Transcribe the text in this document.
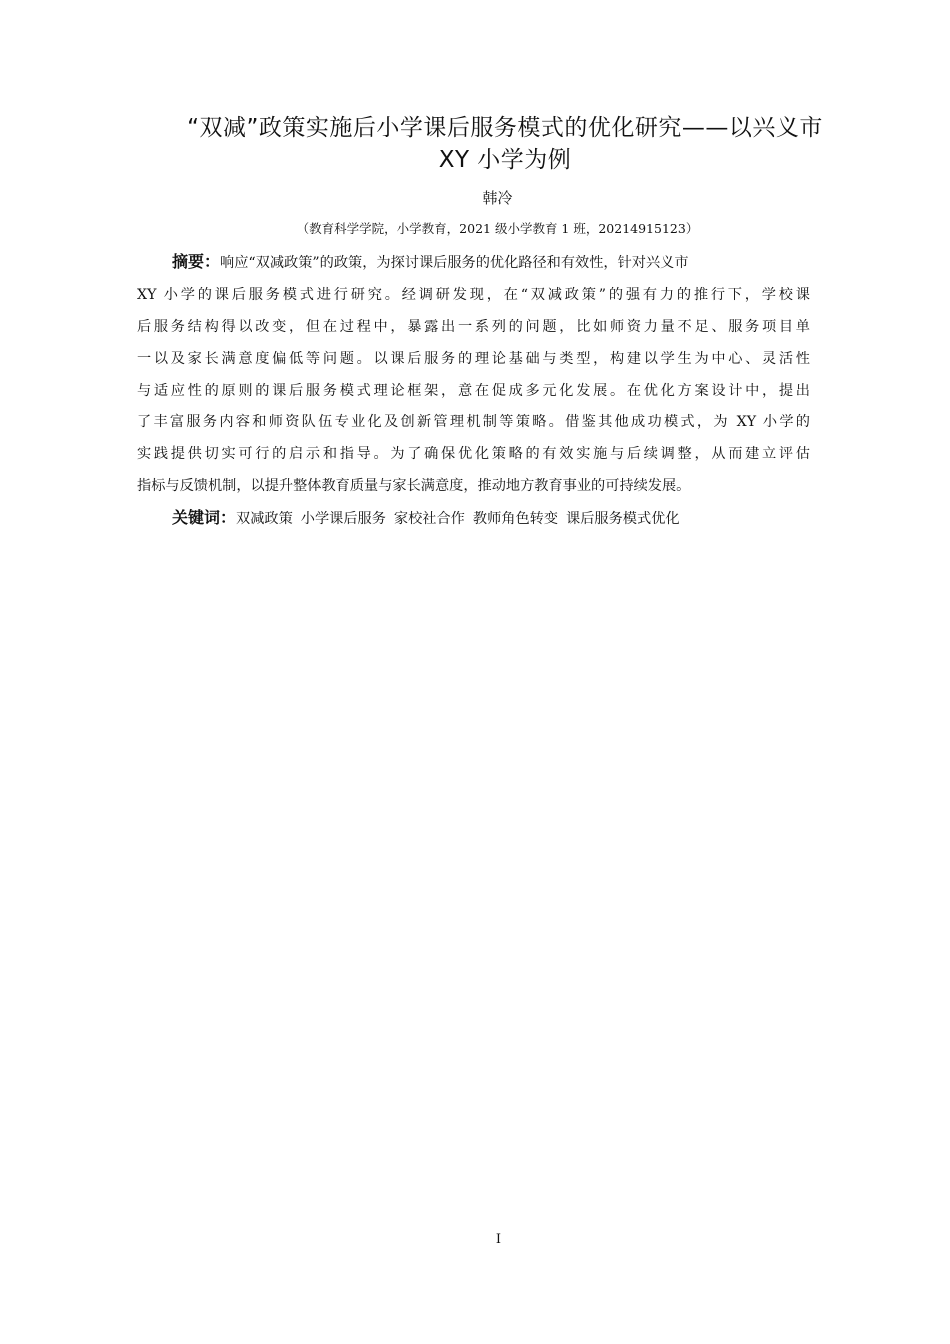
“双减”政策实施后小学课后服务模式的优化研究——以兴义市
XY 小学为例
韩冷
（教育科学学院，小学教育，2021 级小学教育 1 班，20214915123）
摘要：响应“双减政策”的政策，为探讨课后服务的优化路径和有效性，针对兴义市
XY 小学的课后服务模式进行研究。经调研发现，在“双减政策”的强有力的推行下，学校课
后服务结构得以改变，但在过程中，暴露出一系列的问题，比如师资力量不足、服务项目单
一以及家长满意度偏低等问题。以课后服务的理论基础与类型，构建以学生为中心、灵活性
与适应性的原则的课后服务模式理论框架，意在促成多元化发展。在优化方案设计中，提出
了丰富服务内容和师资队伍专业化及创新管理机制等策略。借鉴其他成功模式，为 XY 小学的
实践提供切实可行的启示和指导。为了确保优化策略的有效实施与后续调整，从而建立评估
指标与反馈机制，以提升整体教育质量与家长满意度，推动地方教育事业的可持续发展。
关键词：双减政策 小学课后服务 家校社合作 教师角色转变 课后服务模式优化
I
